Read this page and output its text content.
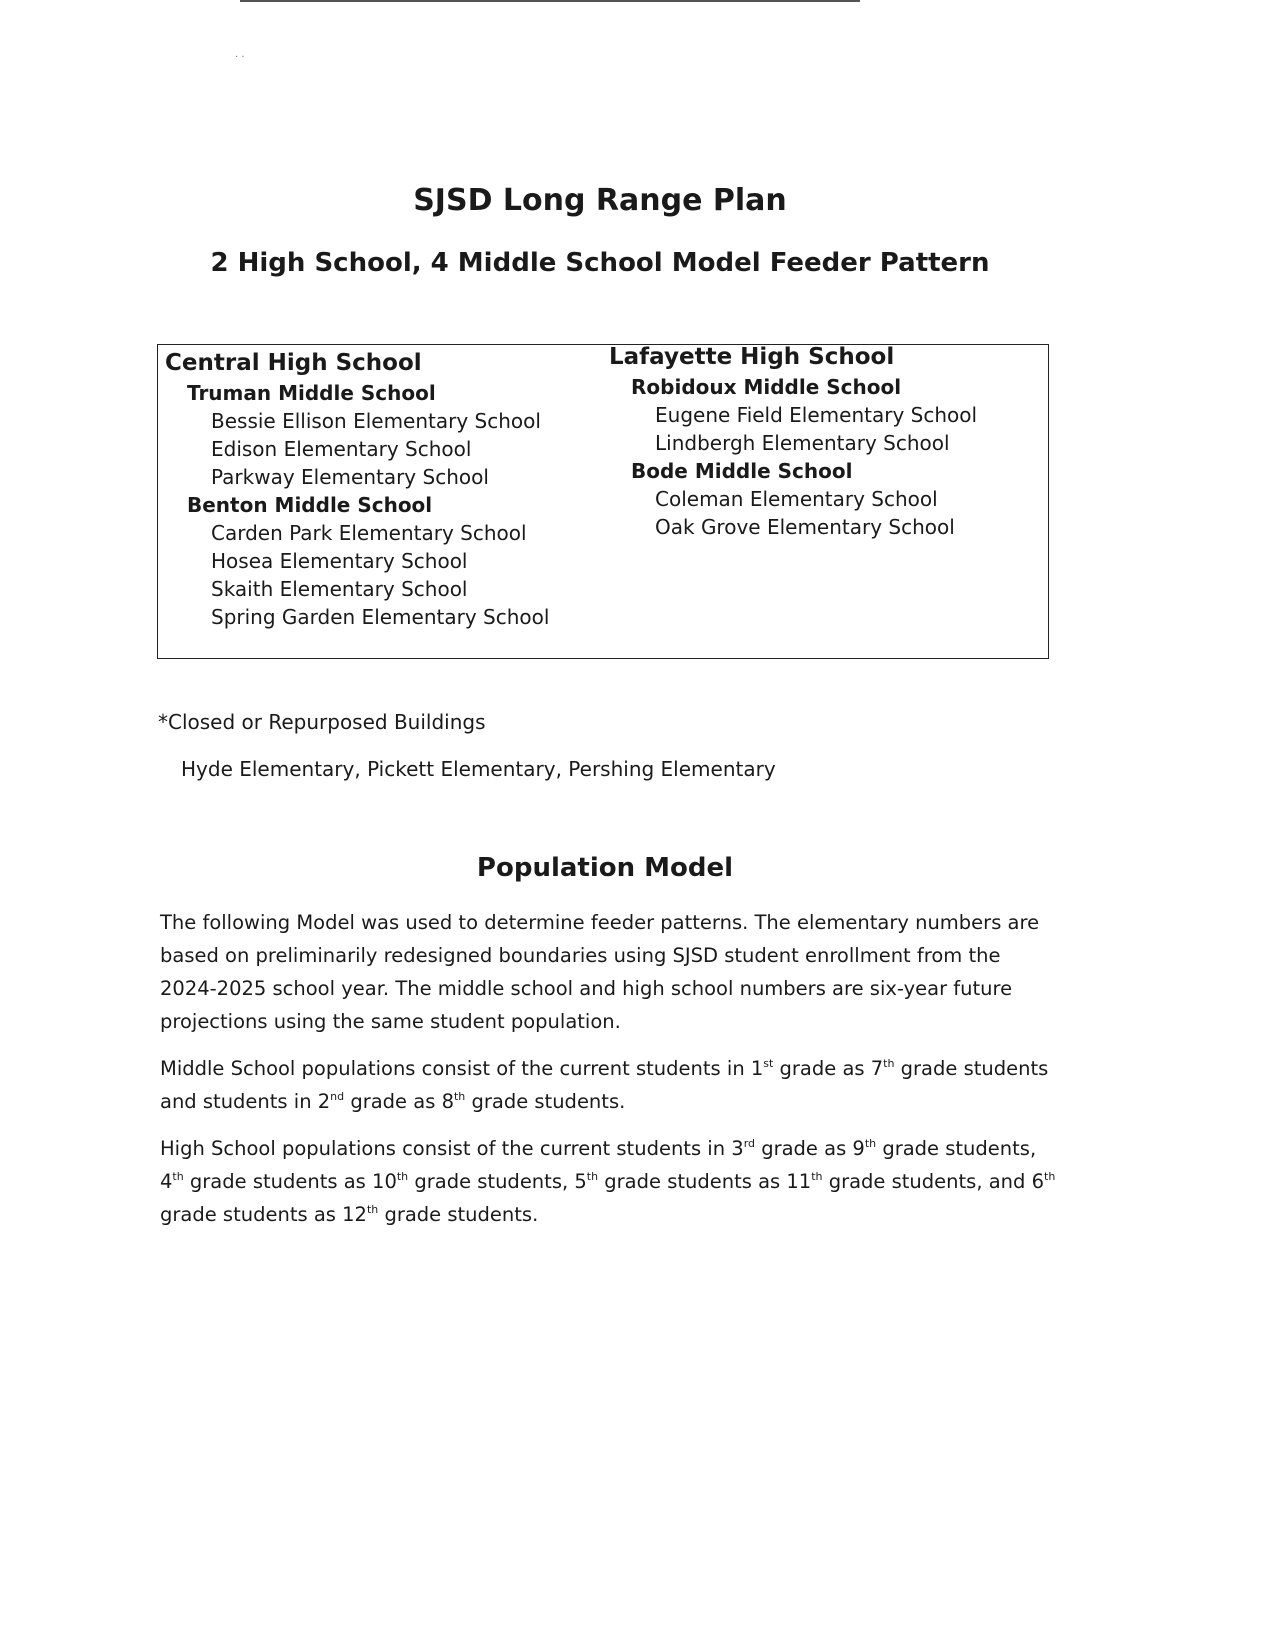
· ·
SJSD Long Range Plan
2 High School, 4 Middle School Model Feeder Pattern
Central High School
Truman Middle School
Bessie Ellison Elementary School
Edison Elementary School
Parkway Elementary School
Benton Middle School
Carden Park Elementary School
Hosea Elementary School
Skaith Elementary School
Spring Garden Elementary School
Lafayette High School
Robidoux Middle School
Eugene Field Elementary School
Lindbergh Elementary School
Bode Middle School
Coleman Elementary School
Oak Grove Elementary School
*Closed or Repurposed Buildings
Hyde Elementary, Pickett Elementary, Pershing Elementary
Population Model

The following Model was used to determine feeder patterns. The elementary numbers are based on preliminarily redesigned boundaries using SJSD student enrollment from the 2024-2025 school year. The middle school and high school numbers are six-year future projections using the same student population.

Middle School populations consist of the current students in 1st grade as 7th grade students and students in 2nd grade as 8th grade students.

High School populations consist of the current students in 3rd grade as 9th grade students, 4th grade students as 10th grade students, 5th grade students as 11th grade students, and 6th grade students as 12th grade students.
